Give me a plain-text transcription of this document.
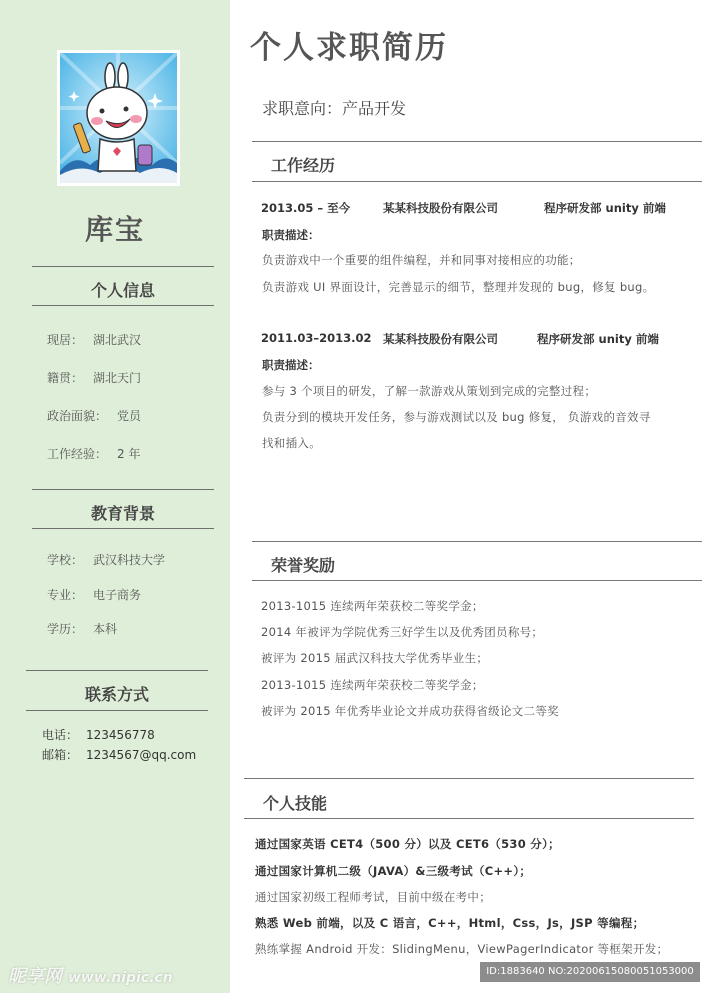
库宝
个人信息
现居： 湖北武汉
籍贯： 湖北天门
政治面貌： 党员
工作经验： 2 年
教育背景
学校： 武汉科技大学
专业： 电子商务
学历： 本科
联系方式
电话： 123456778
邮箱： 1234567@qq.com
个人求职简历
求职意向：产品开发
工作经历
2013.05 – 至今	某某科技股份有限公司	程序研发部 unity 前端
职责描述：
负责游戏中一个重要的组件编程，并和同事对接相应的功能；
负责游戏 UI 界面设计，完善显示的细节，整理并发现的 bug，修复 bug。
2011.03–2013.02 某某科技股份有限公司	程序研发部 unity 前端
职责描述：
参与 3 个项目的研发，了解一款游戏从策划到完成的完整过程；
负责分到的模块开发任务，参与游戏测试以及 bug 修复， 负游戏的音效寻
找和插入。
荣誉奖励
2013-1015 连续两年荣获校二等奖学金；
2014 年被评为学院优秀三好学生以及优秀团员称号；
被评为 2015 届武汉科技大学优秀毕业生；
2013-1015 连续两年荣获校二等奖学金；
被评为 2015 年优秀毕业论文并成功获得省级论文二等奖
个人技能
通过国家英语 CET4（500 分）以及 CET6（530 分）；
通过国家计算机二级（JAVA）&三级考试（C++）；
通过国家初级工程师考试，目前中级在考中；
熟悉 Web 前端，以及 C 语言，C++，Html，Css，Js，JSP 等编程；
熟练掌握 Android 开发：SlidingMenu，ViewPagerIndicator 等框架开发；
昵享网 www.nipic.cn	ID:1883640 NO:20200615080051053000
